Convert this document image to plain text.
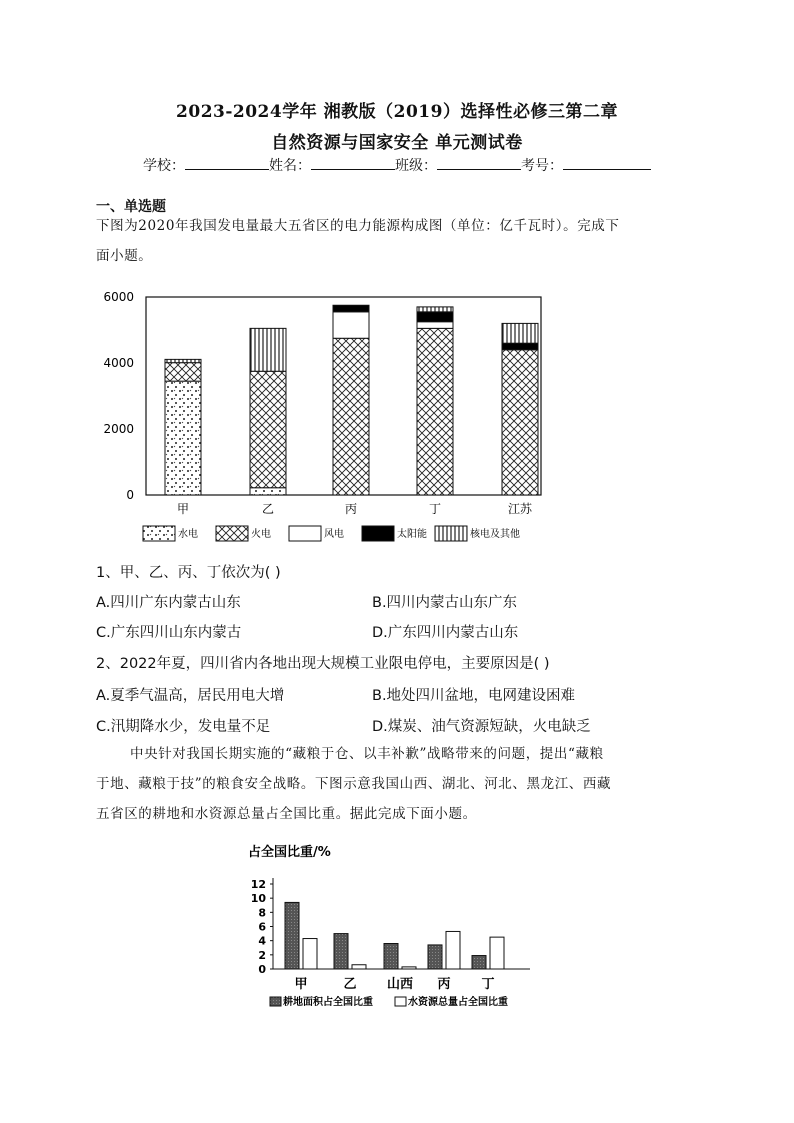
2023-2024学年 湘教版（2019）选择性必修三第二章
自然资源与国家安全 单元测试卷
学校：	姓名：	班级：	考号：
一、单选题
下图为2020年我国发电量最大五省区的电力能源构成图（单位：亿千瓦时）。完成下
面小题。
0
2000
4000
6000
甲	乙	丙	丁	江苏
水电	火电	风电	太阳能	核电及其他
1、甲、乙、丙、丁依次为( )
A.四川广东内蒙古山东	B.四川内蒙古山东广东
C.广东四川山东内蒙古	D.广东四川内蒙古山东
2、2022年夏，四川省内各地出现大规模工业限电停电，主要原因是( )
A.夏季气温高，居民用电大增	B.地处四川盆地，电网建设困难
C.汛期降水少，发电量不足	D.煤炭、油气资源短缺，火电缺乏
中央针对我国长期实施的“藏粮于仓、以丰补歉”战略带来的问题，提出“藏粮
于地、藏粮于技”的粮食安全战略。下图示意我国山西、湖北、河北、黑龙江、西藏
五省区的耕地和水资源总量占全国比重。据此完成下面小题。
占全国比重/%
0
2
4
6
8
10
12
甲	乙 山西 丙 丁
耕地面积占全国比重	水资源总量占全国比重
